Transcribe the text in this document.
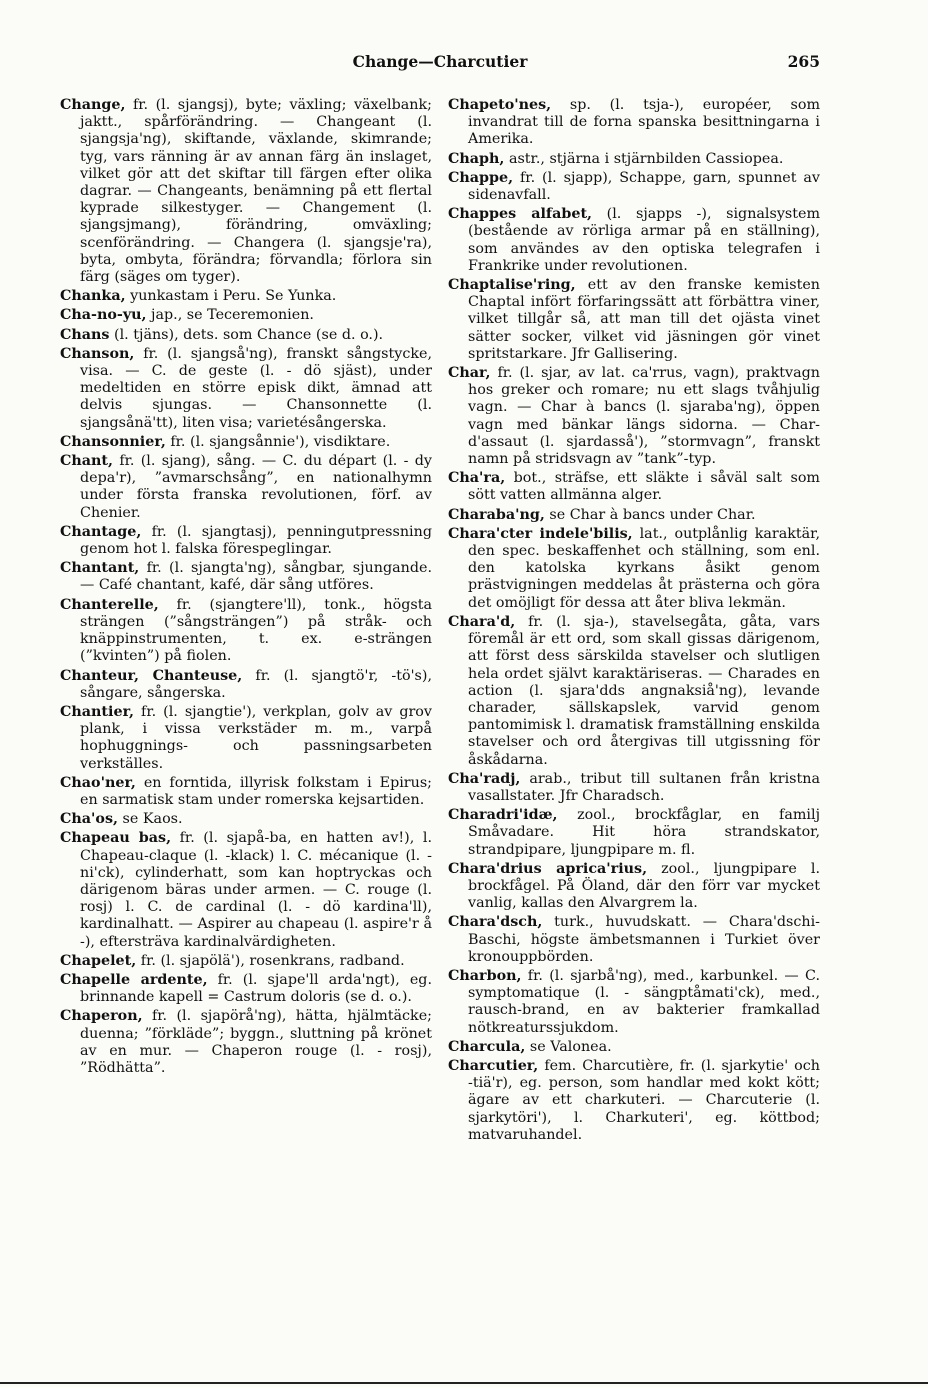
Change—Charcutier	265

Change, fr. (l. sjangsj), byte; växling; växelbank; jaktt., spårförändring. — Changeant (l. sjangsja'ng), skiftande, växlande, skimrande; tyg, vars ränning är av annan färg än inslaget, vilket gör att det skiftar till färgen efter olika dagrar. — Changeants, benämning på ett flertal kyprade silkestyger. — Changement (l. sjangsjmang), förändring, omväxling; scenförändring. — Changera (l. sjangsje'ra), byta, ombyta, förändra; förvandla; förlora sin färg (säges om tyger).

Chanka, yunkastam i Peru. Se Yunka.

Cha-no-yu, jap., se Teceremonien.

Chans (l. tjäns), dets. som Chance (se d. o.).

Chanson, fr. (l. sjangså'ng), franskt sångstycke, visa. — C. de geste (l. - dö sjäst), under medeltiden en större episk dikt, ämnad att delvis sjungas. — Chansonnette (l. sjangsånä'tt), liten visa; varietésångerska.

Chansonnier, fr. (l. sjangsånnie'), visdiktare.

Chant, fr. (l. sjang), sång. — C. du départ (l. - dy depa'r), ”avmarschsång”, en nationalhymn under första franska revolutionen, förf. av Chenier.

Chantage, fr. (l. sjangtasj), penningutpressning genom hot l. falska förespeglingar.

Chantant, fr. (l. sjangta'ng), sångbar, sjungande. — Café chantant, kafé, där sång utföres.

Chanterelle, fr. (sjangtere'll), tonk., högsta strängen (”sångsträngen”) på stråk- och knäppinstrumenten, t. ex. e-strängen (”kvinten”) på fiolen.

Chanteur, Chanteuse, fr. (l. sjangtö'r, -tö's), sångare, sångerska.

Chantier, fr. (l. sjangtie'), verkplan, golv av grov plank, i vissa verkstäder m. m., varpå hophuggnings- och passningsarbeten verkställes.

Chao'ner, en forntida, illyrisk folkstam i Epirus; en sarmatisk stam under romerska kejsartiden.

Cha'os, se Kaos.

Chapeau bas, fr. (l. sjapå-ba, en hatten av!), l. Chapeau-claque (l. -klack) l. C. mécanique (l. -ni'ck), cylinderhatt, som kan hoptryckas och därigenom bäras under armen. — C. rouge (l. rosj) l. C. de cardinal (l. - dö kardina'll), kardinalhatt. — Aspirer au chapeau (l. aspire'r å -), eftersträva kardinalvärdigheten.

Chapelet, fr. (l. sjapölä'), rosenkrans, radband.

Chapelle ardente, fr. (l. sjape'll arda'ngt), eg. brinnande kapell = Castrum doloris (se d. o.).

Chaperon, fr. (l. sjapörå'ng), hätta, hjälmtäcke; duenna; ”förkläde”; byggn., sluttning på krönet av en mur. — Chaperon rouge (l. - rosj), ”Rödhätta”.

Chapeto'nes, sp. (l. tsja-), européer, som invandrat till de forna spanska besittningarna i Amerika.

Chaph, astr., stjärna i stjärnbilden Cassiopea.

Chappe, fr. (l. sjapp), Schappe, garn, spunnet av sidenavfall.

Chappes alfabet, (l. sjapps -), signalsystem (bestående av rörliga armar på en ställning), som användes av den optiska telegrafen i Frankrike under revolutionen.

Chaptalise'ring, ett av den franske kemisten Chaptal infört förfaringssätt att förbättra viner, vilket tillgår så, att man till det ojästa vinet sätter socker, vilket vid jäsningen gör vinet spritstarkare. Jfr Gallisering.

Char, fr. (l. sjar, av lat. ca'rrus, vagn), praktvagn hos greker och romare; nu ett slags tvåhjulig vagn. — Char à bancs (l. sjaraba'ng), öppen vagn med bänkar längs sidorna. — Char-d'assaut (l. sjardasså'), ”stormvagn”, franskt namn på stridsvagn av ”tank”-typ.

Cha'ra, bot., sträfse, ett släkte i såväl salt som sött vatten allmänna alger.

Charaba'ng, se Char à bancs under Char.

Chara'cter indele'bilis, lat., outplånlig karaktär, den spec. beskaffenhet och ställning, som enl. den katolska kyrkans åsikt genom prästvigningen meddelas åt prästerna och göra det omöjligt för dessa att åter bliva lekmän.

Chara'd, fr. (l. sja-), stavelsegåta, gåta, vars föremål är ett ord, som skall gissas därigenom, att först dess särskilda stavelser och slutligen hela ordet självt karaktäriseras. — Charades en action (l. sjara'dds angnaksiå'ng), levande charader, sällskapslek, varvid genom pantomimisk l. dramatisk framställning enskilda stavelser och ord återgivas till utgissning för åskådarna.

Cha'radj, arab., tribut till sultanen från kristna vasallstater. Jfr Charadsch.

Charadri'idæ, zool., brockfåglar, en familj Småvadare. Hit höra strandskator, strandpipare, ljungpipare m. fl.

Chara'drius aprica'rius, zool., ljungpipare l. brockfågel. På Öland, där den förr var mycket vanlig, kallas den Alvargrem la.

Chara'dsch, turk., huvudskatt. — Chara'dschi-Baschi, högste ämbetsmannen i Turkiet över kronouppbörden.

Charbon, fr. (l. sjarbå'ng), med., karbunkel. — C. symptomatique (l. - sängptåmati'ck), med., rausch-brand, en av bakterier framkallad nötkreaturssjukdom.

Charcula, se Valonea.

Charcutier, fem. Charcutière, fr. (l. sjarkytie' och -tiä'r), eg. person, som handlar med kokt kött; ägare av ett charkuteri. — Charcuterie (l. sjarkytöri'), l. Charkuteri', eg. köttbod; matvaruhandel.
